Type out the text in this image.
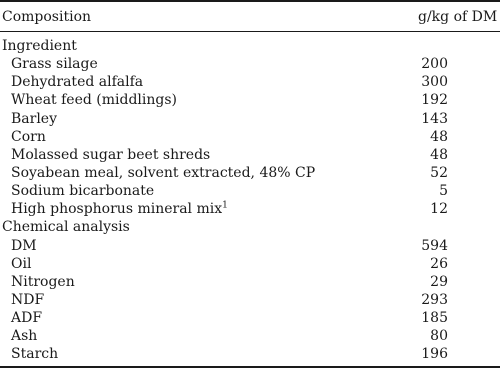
Composition	g/kg of DM
Ingredient
Grass silage	200
Dehydrated alfalfa	300
Wheat feed (middlings)	192
Barley	143
Corn	48
Molassed sugar beet shreds	48
Soyabean meal, solvent extracted, 48% CP	52
Sodium bicarbonate	5
High phosphorus mineral mix$^1$	12
Chemical analysis
DM	594
Oil	26
Nitrogen	29
NDF	293
ADF	185
Ash	80
Starch	196
